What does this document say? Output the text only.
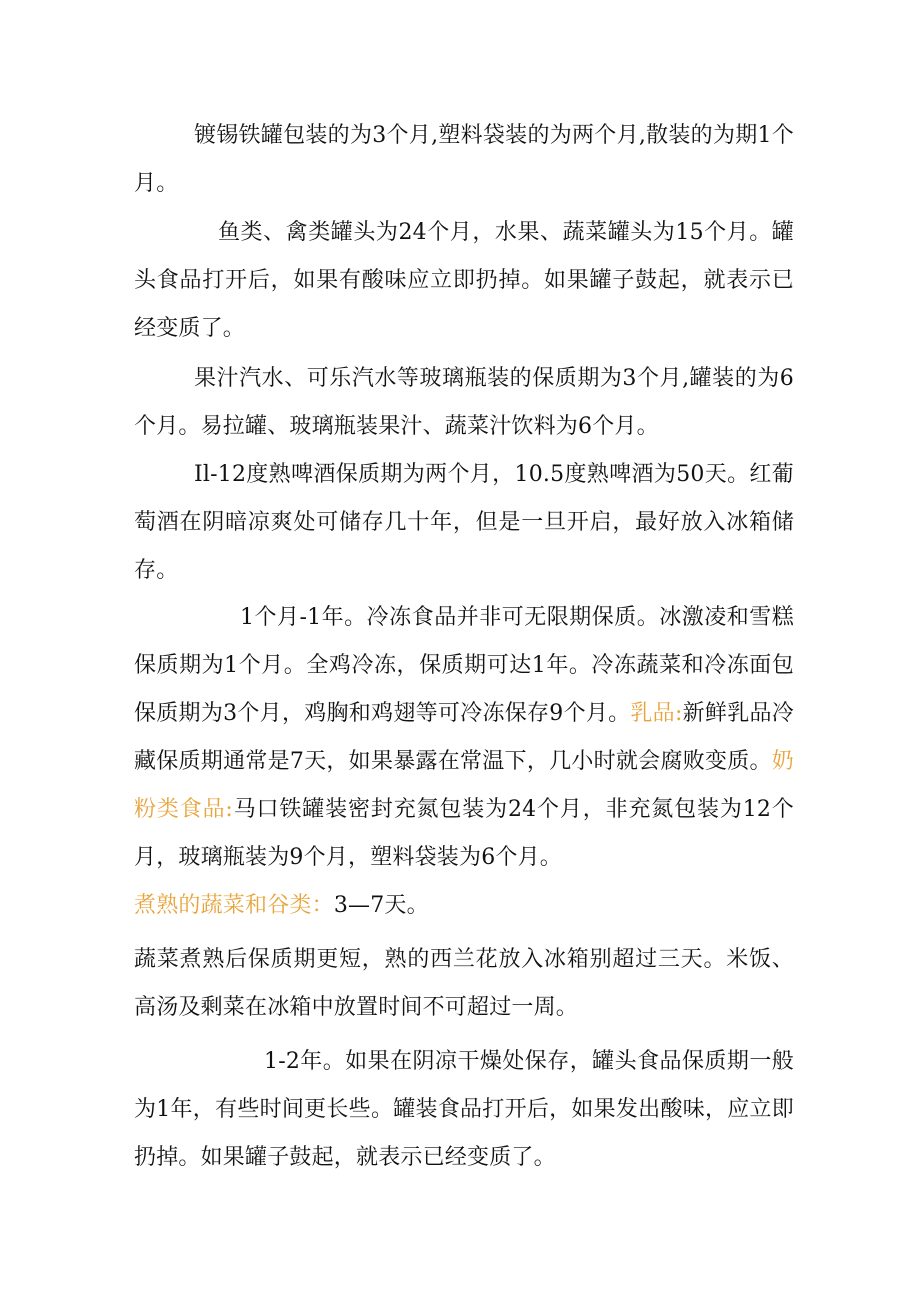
镀锡铁罐包装的为3个月,塑料袋装的为两个月,散装的为期1个月。

鱼类、禽类罐头为24个月，水果、蔬菜罐头为15个月。罐头食品打开后，如果有酸味应立即扔掉。如果罐子鼓起，就表示已经变质了。

果汁汽水、可乐汽水等玻璃瓶装的保质期为3个月,罐装的为6个月。易拉罐、玻璃瓶装果汁、蔬菜汁饮料为6个月。

Il-12度熟啤酒保质期为两个月，10.5度熟啤酒为50天。红葡萄酒在阴暗凉爽处可储存几十年，但是一旦开启，最好放入冰箱储存。

1个月-1年。冷冻食品并非可无限期保质。冰激凌和雪糕保质期为1个月。全鸡冷冻，保质期可达1年。冷冻蔬菜和冷冻面包保质期为3个月，鸡胸和鸡翅等可冷冻保存9个月。乳品:新鲜乳品冷藏保质期通常是7天，如果暴露在常温下，几小时就会腐败变质。奶粉类食品:马口铁罐装密封充氮包装为24个月，非充氮包装为12个月，玻璃瓶装为9个月，塑料袋装为6个月。

煮熟的蔬菜和谷类：3—7天。

蔬菜煮熟后保质期更短，熟的西兰花放入冰箱别超过三天。米饭、高汤及剩菜在冰箱中放置时间不可超过一周。

1-2年。如果在阴凉干燥处保存，罐头食品保质期一般为1年，有些时间更长些。罐装食品打开后，如果发出酸味，应立即扔掉。如果罐子鼓起，就表示已经变质了。
